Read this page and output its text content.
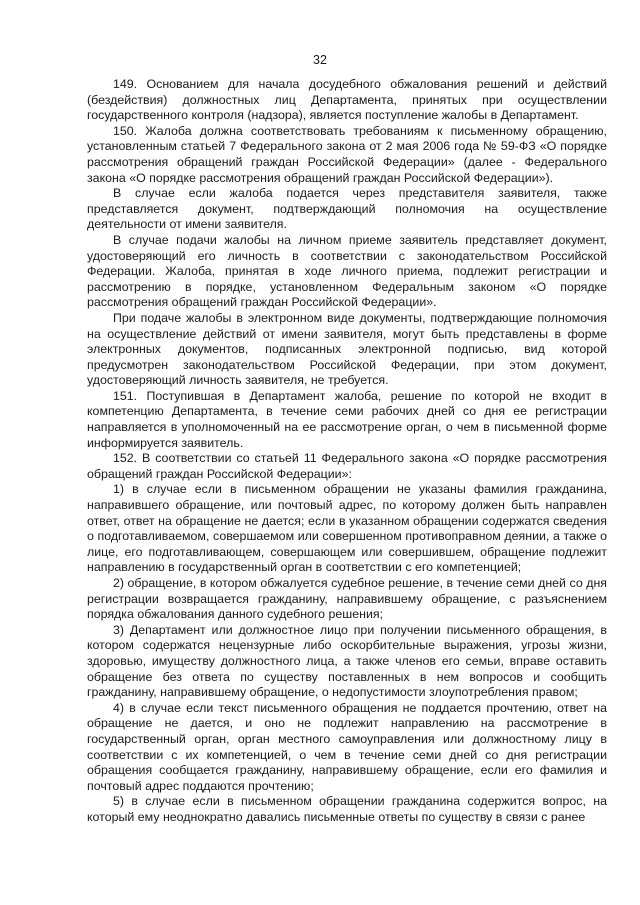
32

149. Основанием для начала досудебного обжалования решений и действий (бездействия) должностных лиц Департамента, принятых при осуществлении государственного контроля (надзора), является поступление жалобы в Департамент.

150. Жалоба должна соответствовать требованиям к письменному обращению, установленным статьей 7 Федерального закона от 2 мая 2006 года № 59-ФЗ «О порядке рассмотрения обращений граждан Российской Федерации» (далее - Федерального закона «О порядке рассмотрения обращений граждан Российской Федерации»).

В случае если жалоба подается через представителя заявителя, также представляется документ, подтверждающий полномочия на осуществление деятельности от имени заявителя.

В случае подачи жалобы на личном приеме заявитель представляет документ, удостоверяющий его личность в соответствии с законодательством Российской Федерации. Жалоба, принятая в ходе личного приема, подлежит регистрации и рассмотрению в порядке, установленном Федеральным законом «О порядке рассмотрения обращений граждан Российской Федерации».

При подаче жалобы в электронном виде документы, подтверждающие полномочия на осуществление действий от имени заявителя, могут быть представлены в форме электронных документов, подписанных электронной подписью, вид которой предусмотрен законодательством Российской Федерации, при этом документ, удостоверяющий личность заявителя, не требуется.

151. Поступившая в Департамент жалоба, решение по которой не входит в компетенцию Департамента, в течение семи рабочих дней со дня ее регистрации направляется в уполномоченный на ее рассмотрение орган, о чем в письменной форме информируется заявитель.

152. В соответствии со статьей 11 Федерального закона «О порядке рассмотрения обращений граждан Российской Федерации»:

1) в случае если в письменном обращении не указаны фамилия гражданина, направившего обращение, или почтовый адрес, по которому должен быть направлен ответ, ответ на обращение не дается; если в указанном обращении содержатся сведения о подготавливаемом, совершаемом или совершенном противоправном деянии, а также о лице, его подготавливающем, совершающем или совершившем, обращение подлежит направлению в государственный орган в соответствии с его компетенцией;

2) обращение, в котором обжалуется судебное решение, в течение семи дней со дня регистрации возвращается гражданину, направившему обращение, с разъяснением порядка обжалования данного судебного решения;

3) Департамент или должностное лицо при получении письменного обращения, в котором содержатся нецензурные либо оскорбительные выражения, угрозы жизни, здоровью, имуществу должностного лица, а также членов его семьи, вправе оставить обращение без ответа по существу поставленных в нем вопросов и сообщить гражданину, направившему обращение, о недопустимости злоупотребления правом;

4) в случае если текст письменного обращения не поддается прочтению, ответ на обращение не дается, и оно не подлежит направлению на рассмотрение в государственный орган, орган местного самоуправления или должностному лицу в соответствии с их компетенцией, о чем в течение семи дней со дня регистрации обращения сообщается гражданину, направившему обращение, если его фамилия и почтовый адрес поддаются прочтению;

5) в случае если в письменном обращении гражданина содержится вопрос, на который ему неоднократно давались письменные ответы по существу в связи с ранее
